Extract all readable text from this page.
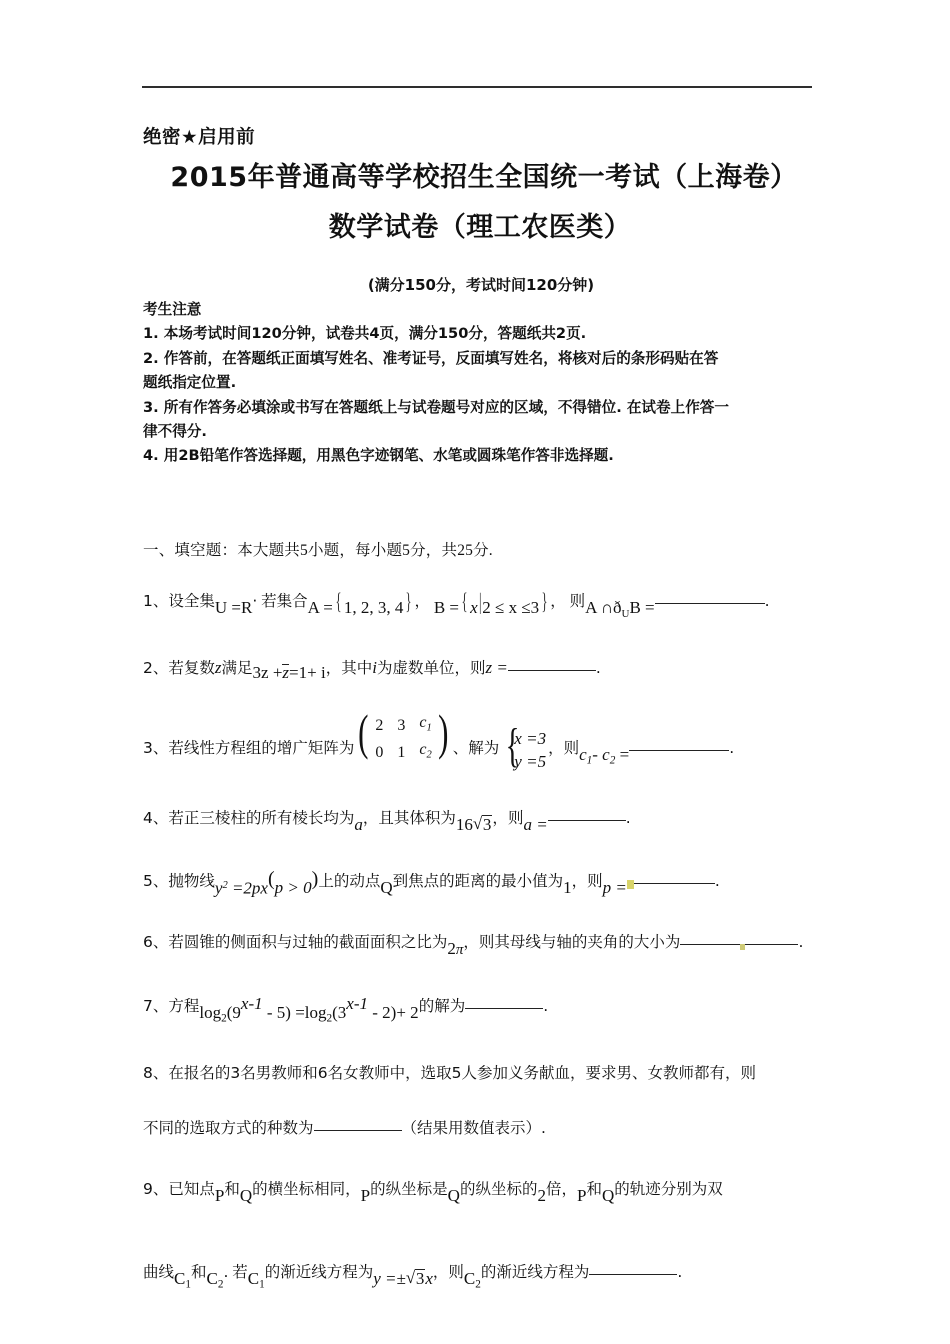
绝密★启用前
2015年普通高等学校招生全国统一考试（上海卷）
数学试卷（理工农医类）
(满分150分，考试时间120分钟)
考生注意
1. 本场考试时间120分钟，试卷共4页，满分150分，答题纸共2页.
2. 作答前，在答题纸正面填写姓名、准考证号，反面填写姓名，将核对后的条形码贴在答
题纸指定位置.
3. 所有作答务必填涂或书写在答题纸上与试卷题号对应的区域，不得错位. 在试卷上作答一
律不得分.
4. 用2B铅笔作答选择题，用黑色字迹钢笔、水笔或圆珠笔作答非选择题.
一、填空题：本大题共5小题，每小题5分，共25分.
1、设全集U =R· 若集合A = { 1, 2, 3, 4 } ， B = { x|2 ≤ x ≤3 } ， 则A ∩ðUB =	.
2、若复数z满足3z +z=1+ i，其中i为虚数单位，则z =	.
3、若线性方程组的增广矩阵为 ( 2	3	$c_1$
0	1	$c_2$ ) 、解为 {
x =3
y =5
，则$c_1-$ $c_2$ =	.
4、若正三棱柱的所有棱长均为a，且其体积为16 √ 3，则a =	.
5、抛物线$y^2 =2px(p > 0)$上的动点Q到焦点的距离的最小值为1，则p =	.
6、若圆锥的侧面积与过轴的截面面积之比为2π，则其母线与轴的夹角的大小为	.
7、方程$\log_2(9^{x-1} - 5) =\log_2(3^{x-1} - 2)+ 2$的解为	.
8、在报名的3名男教师和6名女教师中，选取5人参加义务献血，要求男、女教师都有，则
不同的选取方式的种数为	（结果用数值表示）.
9、已知点P和Q的横坐标相同，P的纵坐标是Q的纵坐标的2倍，P和Q的轨迹分别为双
曲线$C_1$和$C_2$. 若$C_1$的渐近线方程为y =± √ 3x，则$C_2$的渐近线方程为	.
